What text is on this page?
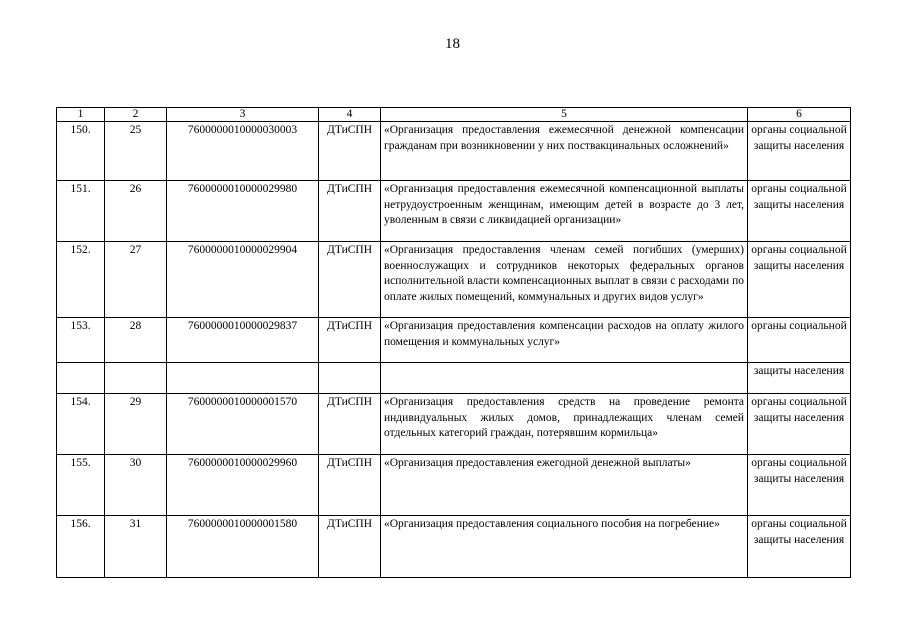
18
1	2	3	4	5	6
150.	25	7600000010000030003	ДТиСПН	«Организация предоставления ежемесячной денежной компенсации гражданам при возникновении у них поствакцинальных осложнений»	органы социальной защиты населения
151.	26	7600000010000029980	ДТиСПН	«Организация предоставления ежемесячной компенсационной выплаты нетрудоустроенным женщинам, имеющим детей в возрасте до 3 лет, уволенным в связи с ликвидацией организации»	органы социальной защиты населения
152.	27	7600000010000029904	ДТиСПН	«Организация предоставления членам семей погибших (умерших) военнослужащих и сотрудников некоторых федеральных органов исполнительной власти компенсационных выплат в связи с расходами по оплате жилых помещений, коммунальных и других видов услуг»	органы социальной защиты населения
153.	28	7600000010000029837	ДТиСПН	«Организация предоставления компенсации расходов на оплату жилого помещения и коммунальных услуг»	органы социальной
					защиты населения
154.	29	7600000010000001570	ДТиСПН	«Организация предоставления средств на проведение ремонта индивидуальных жилых домов, принадлежащих членам семей отдельных категорий граждан, потерявшим кормильца»	органы социальной защиты населения
155.	30	7600000010000029960	ДТиСПН	«Организация предоставления ежегодной денежной выплаты»	органы социальной защиты населения
156.	31	7600000010000001580	ДТиСПН	«Организация предоставления социального пособия на погребение»	органы социальной защиты населения
